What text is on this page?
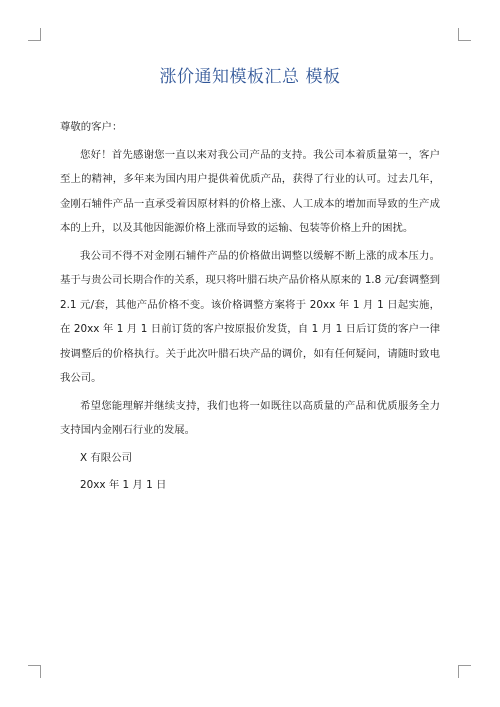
涨价通知模板汇总 模板

尊敬的客户：

您好！首先感谢您一直以来对我公司产品的支持。我公司本着质量第一，客户至上的精神，多年来为国内用户提供着优质产品，获得了行业的认可。过去几年，金刚石辅件产品一直承受着因原材料的价格上涨、人工成本的增加而导致的生产成本的上升，以及其他因能源价格上涨而导致的运输、包装等价格上升的困扰。

我公司不得不对金刚石辅件产品的价格做出调整以缓解不断上涨的成本压力。基于与贵公司长期合作的关系，现只将叶腊石块产品价格从原来的 1.8 元/套调整到 2.1 元/套，其他产品价格不变。该价格调整方案将于 20xx 年 1 月 1 日起实施，在 20xx 年 1 月 1 日前订货的客户按原报价发货，自 1 月 1 日后订货的客户一律按调整后的价格执行。关于此次叶腊石块产品的调价，如有任何疑问，请随时致电我公司。

希望您能理解并继续支持，我们也将一如既往以高质量的产品和优质服务全力支持国内金刚石行业的发展。

X 有限公司

20xx 年 1 月 1 日
